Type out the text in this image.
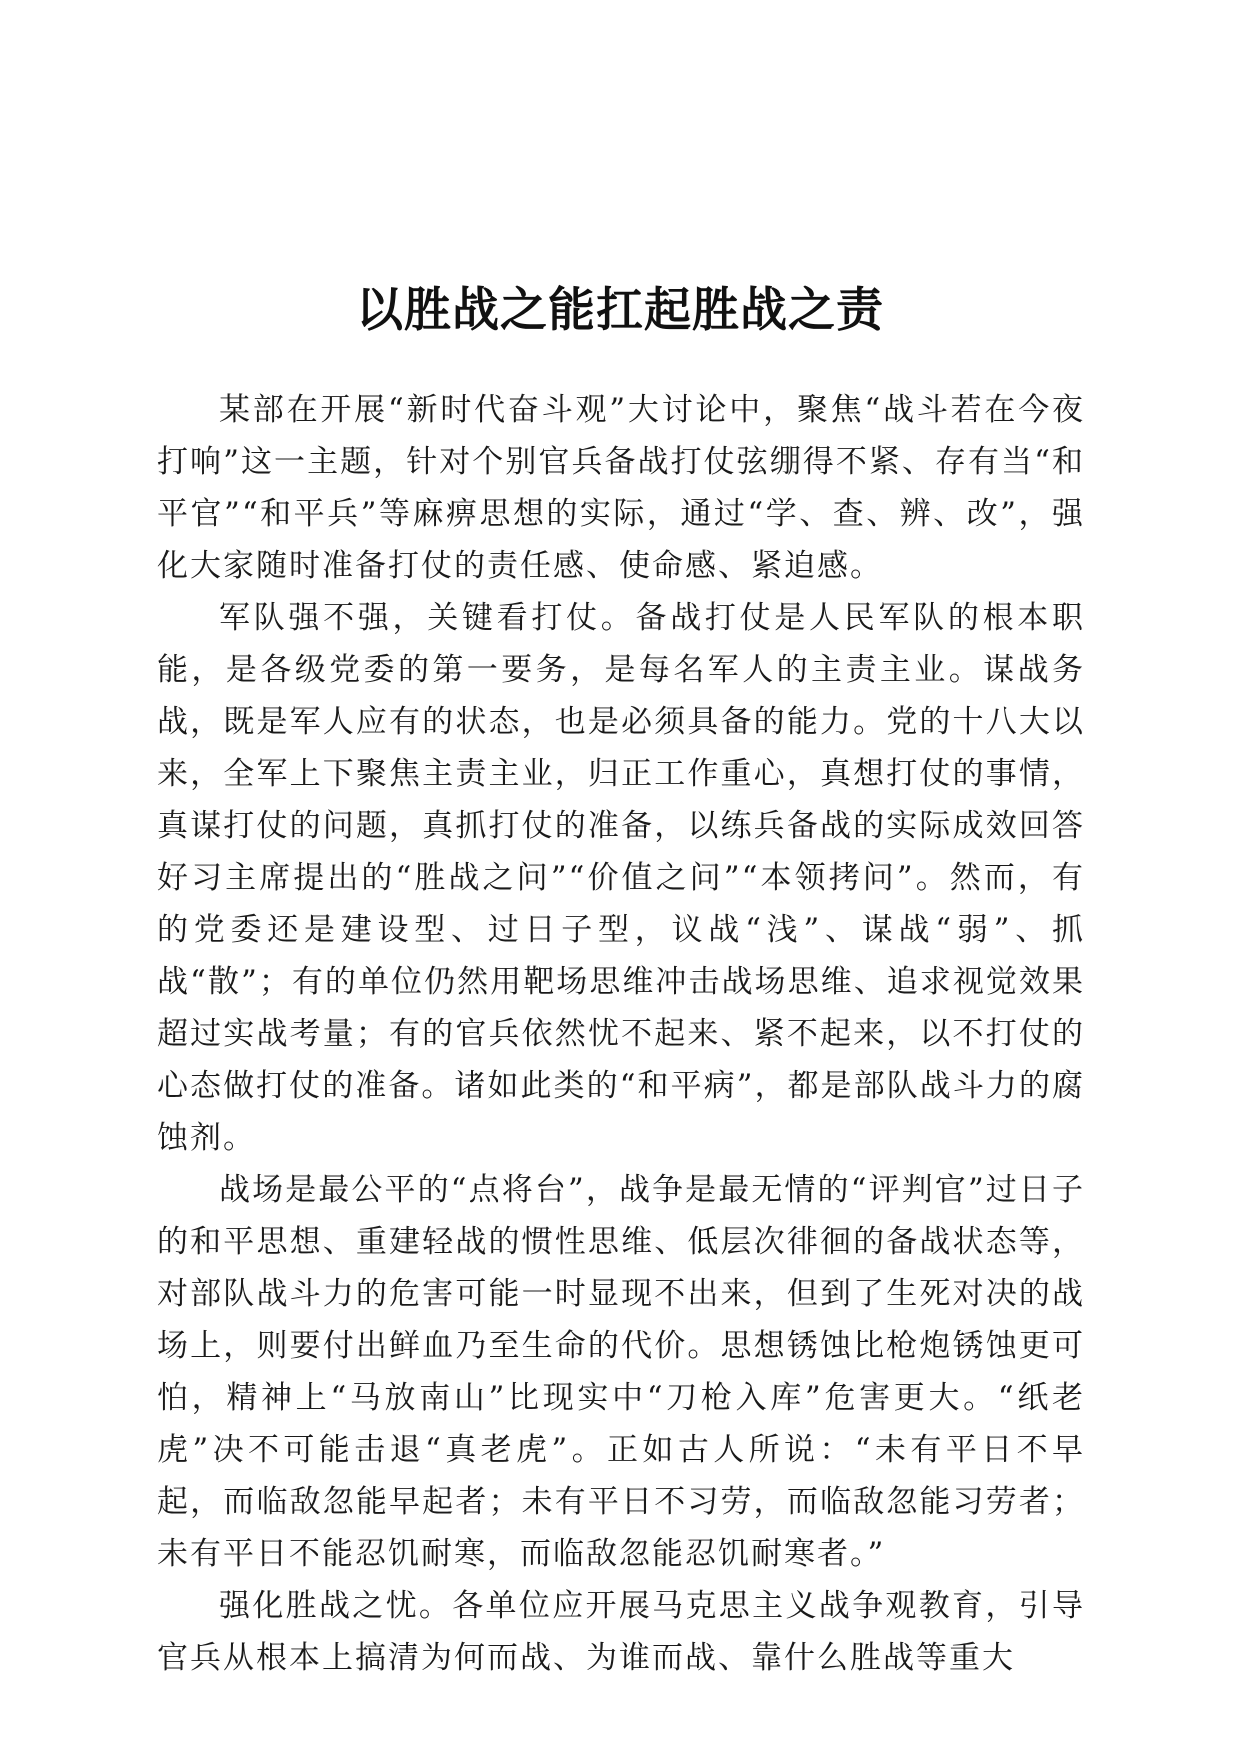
以胜战之能扛起胜战之责

某部在开展“新时代奋斗观”大讨论中，聚焦“战斗若在今夜打响”这一主题，针对个别官兵备战打仗弦绷得不紧、存有当“和平官”“和平兵”等麻痹思想的实际，通过“学、查、辨、改”，强化大家随时准备打仗的责任感、使命感、紧迫感。

军队强不强，关键看打仗。备战打仗是人民军队的根本职能，是各级党委的第一要务，是每名军人的主责主业。谋战务战，既是军人应有的状态，也是必须具备的能力。党的十八大以来，全军上下聚焦主责主业，归正工作重心，真想打仗的事情，真谋打仗的问题，真抓打仗的准备，以练兵备战的实际成效回答好习主席提出的“胜战之问”“价值之问”“本领拷问”。然而，有的党委还是建设型、过日子型，议战“浅”、谋战“弱”、抓战“散”；有的单位仍然用靶场思维冲击战场思维、追求视觉效果超过实战考量；有的官兵依然忧不起来、紧不起来，以不打仗的心态做打仗的准备。诸如此类的“和平病”，都是部队战斗力的腐蚀剂。

战场是最公平的“点将台”，战争是最无情的“评判官”过日子的和平思想、重建轻战的惯性思维、低层次徘徊的备战状态等，对部队战斗力的危害可能一时显现不出来，但到了生死对决的战场上，则要付出鲜血乃至生命的代价。思想锈蚀比枪炮锈蚀更可怕，精神上“马放南山”比现实中“刀枪入库”危害更大。“纸老虎”决不可能击退“真老虎”。正如古人所说：“未有平日不早起，而临敌忽能早起者；未有平日不习劳，而临敌忽能习劳者；未有平日不能忍饥耐寒，而临敌忽能忍饥耐寒者。”

强化胜战之忧。各单位应开展马克思主义战争观教育，引导官兵从根本上搞清为何而战、为谁而战、靠什么胜战等重大
